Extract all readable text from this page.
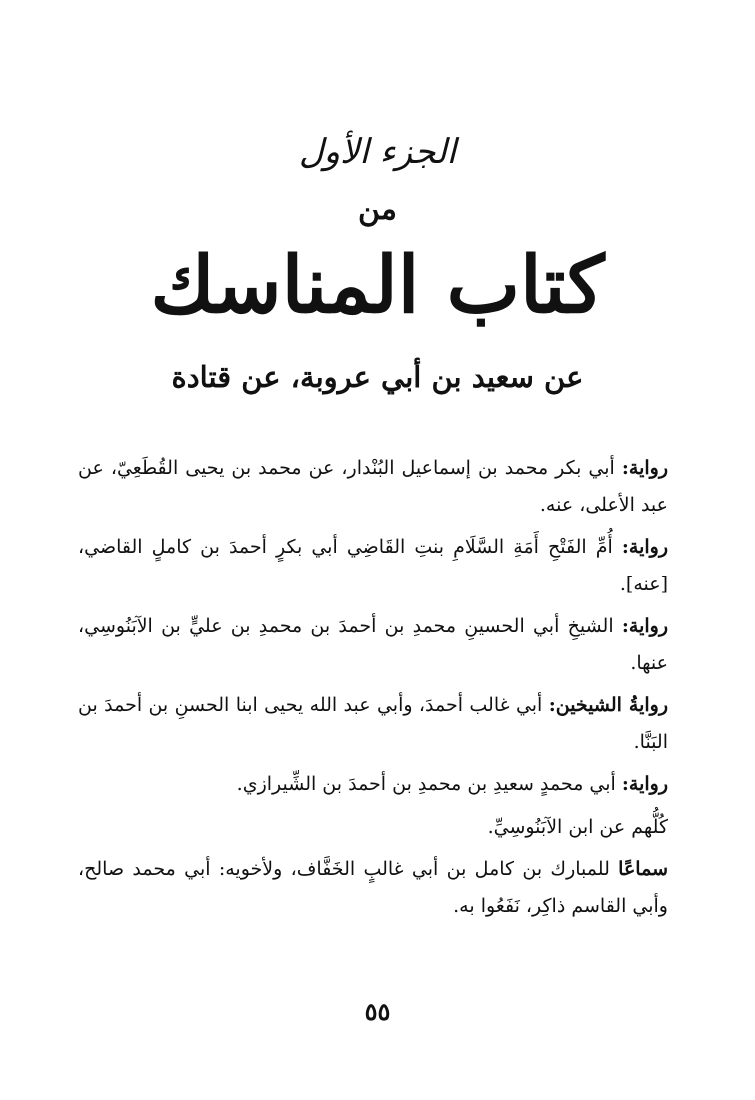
الجزء الأول
من
كتاب المناسك
عن سعيد بن أبي عروبة، عن قتادة

رواية: أبي بكر محمد بن إسماعيل البُنْدار، عن محمد بن يحيى القُطَعِيّ، عن عبد الأعلى، عنه.

رواية: أُمِّ الفَتْحِ أَمَةِ السَّلَامِ بنتِ القَاضِي أبي بكرٍ أحمدَ بن كاملٍ القاضي، [عنه].

رواية: الشيخِ أبي الحسينِ محمدِ بن أحمدَ بن محمدِ بن عليٍّ بن الآبَنُوسِي، عنها.

روايةُ الشيخين: أبي غالب أحمدَ، وأبي عبد الله يحيى ابنا الحسنِ بن أحمدَ بن البَنَّا.

رواية: أبي محمدٍ سعيدِ بن محمدِ بن أحمدَ بن الشِّيرازي.

كُلُّهم عن ابن الآبَنُوسِيِّ.

سماعًا للمبارك بن كامل بن أبي غالبٍ الخَفَّاف، ولأخويه: أبي محمد صالح، وأبي القاسم ذاكِر، نَفَعُوا به.

٥٥
